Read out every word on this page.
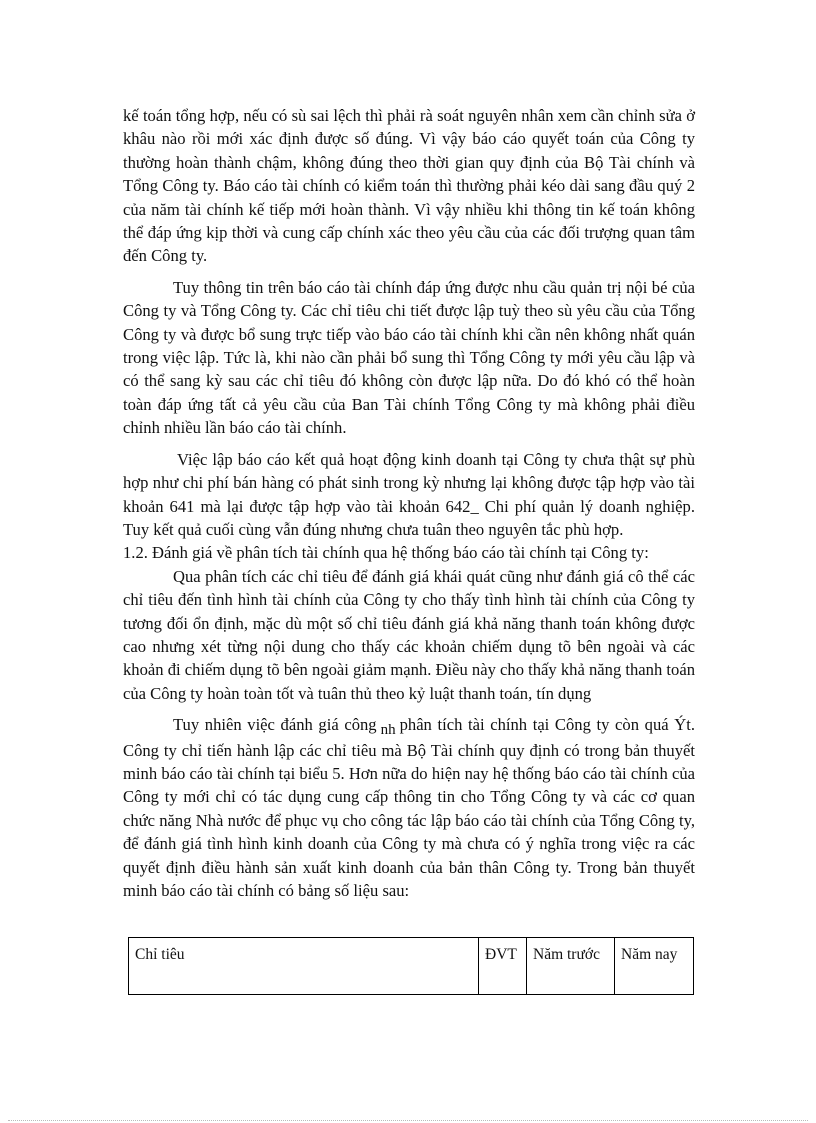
kế toán tổng hợp, nếu có sù sai lệch thì phải rà soát nguyên nhân xem cần chỉnh sửa ở khâu nào rồi mới xác định được số đúng. Vì vậy báo cáo quyết toán của Công ty thường hoàn thành chậm, không đúng theo thời gian quy định của Bộ Tài chính và Tổng Công ty. Báo cáo tài chính có kiểm toán thì thường phải kéo dài sang đầu quý 2 của năm tài chính kế tiếp mới hoàn thành. Vì vậy nhiều khi thông tin kế toán không thể đáp ứng kịp thời và cung cấp chính xác theo yêu cầu của các đối trượng quan tâm đến Công ty.

Tuy thông tin trên báo cáo tài chính đáp ứng được nhu cầu quản trị nội bé của Công ty và Tổng Công ty. Các chỉ tiêu chi tiết được lập tuỳ theo sù yêu cầu của Tổng Công ty và được bổ sung trực tiếp vào báo cáo tài chính khi cần nên không nhất quán trong việc lập. Tức là, khi nào cần phải bổ sung thì Tổng Công ty mới yêu cầu lập và có thể sang kỳ sau các chỉ tiêu đó không còn được lập nữa. Do đó khó có thể hoàn toàn đáp ứng tất cả yêu cầu của Ban Tài chính Tổng Công ty mà không phải điều chỉnh nhiều lần báo cáo tài chính.

Việc lập báo cáo kết quả hoạt động kinh doanh tại Công ty chưa thật sự phù hợp như chi phí bán hàng có phát sinh trong kỳ nhưng lại không được tập hợp vào tài khoản 641 mà lại được tập hợp vào tài khoản 642_ Chi phí quản lý doanh nghiệp. Tuy kết quả cuối cùng vẫn đúng nhưng chưa tuân theo nguyên tắc phù hợp.

1.2. Đánh giá về phân tích tài chính qua hệ thống báo cáo tài chính tại Công ty:

Qua phân tích các chỉ tiêu để đánh giá khái quát cũng như đánh giá cô thể các chỉ tiêu đến tình hình tài chính của Công ty cho thấy tình hình tài chính của Công ty tương đối ổn định, mặc dù một số chỉ tiêu đánh giá khả năng thanh toán không được cao nhưng xét từng nội dung cho thấy các khoản chiếm dụng tõ bên ngoài và các khoản đi chiếm dụng tõ bên ngoài giảm mạnh. Điều này cho thấy khả năng thanh toán của Công ty hoàn toàn tốt và tuân thủ theo kỷ luật thanh toán, tín dụng

Tuy nhiên việc đánh giá công nh phân tích tài chính tại Công ty còn quá Ýt. Công ty chỉ tiến hành lập các chỉ tiêu mà Bộ Tài chính quy định có trong bản thuyết minh báo cáo tài chính tại biểu 5. Hơn nữa do hiện nay hệ thống báo cáo tài chính của Công ty mới chỉ có tác dụng cung cấp thông tin cho Tổng Công ty và các cơ quan chức năng Nhà nước để phục vụ cho công tác lập báo cáo tài chính của Tổng Công ty, để đánh giá tình hình kinh doanh của Công ty mà chưa có ý nghĩa trong việc ra các quyết định điều hành sản xuất kinh doanh của bản thân Công ty. Trong bản thuyết minh báo cáo tài chính có bảng số liệu sau:

Chỉ tiêu	ĐVT	Năm trước	Năm nay
